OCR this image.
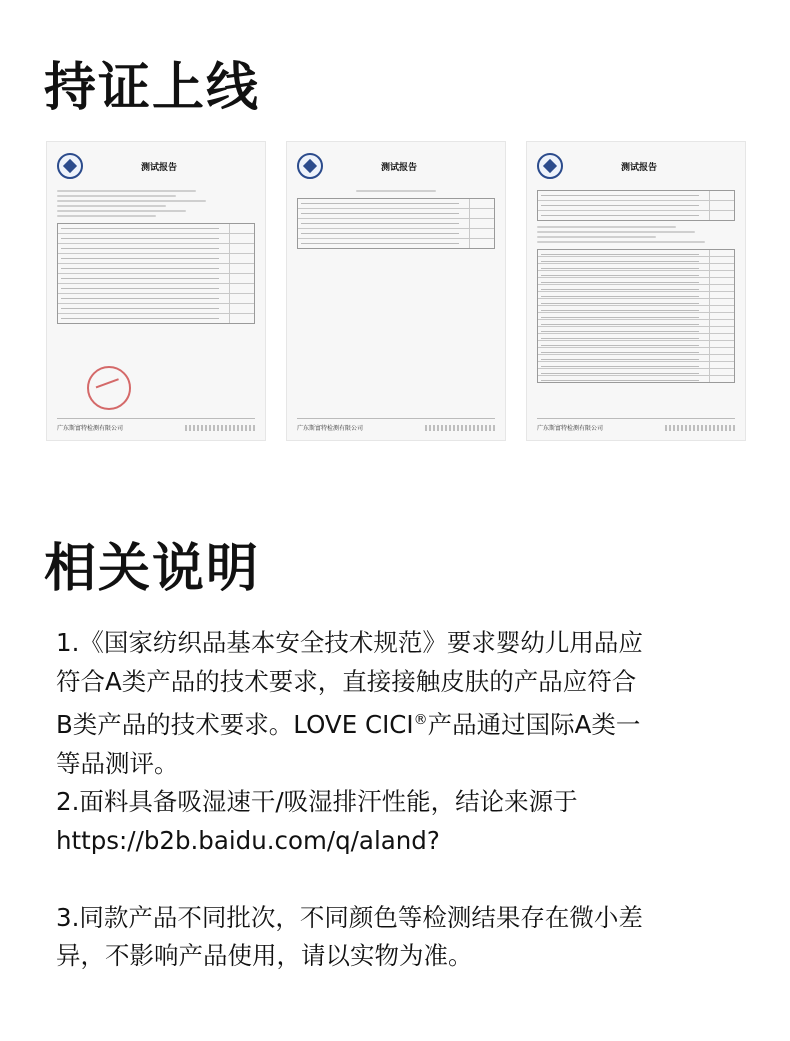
持证上线
测试报告
广东斯富特检测有限公司
测试报告
广东斯富特检测有限公司
测试报告
广东斯富特检测有限公司
相关说明

1.《国家纺织品基本安全技术规范》要求婴幼儿用品应

符合A类产品的技术要求，直接接触皮肤的产品应符合

B类产品的技术要求。LOVE CICI®产品通过国际A类一

等品测评。

2.面料具备吸湿速干/吸湿排汗性能，结论来源于

https://b2b.baidu.com/q/aland?

3.同款产品不同批次，不同颜色等检测结果存在微小差

异，不影响产品使用，请以实物为准。
